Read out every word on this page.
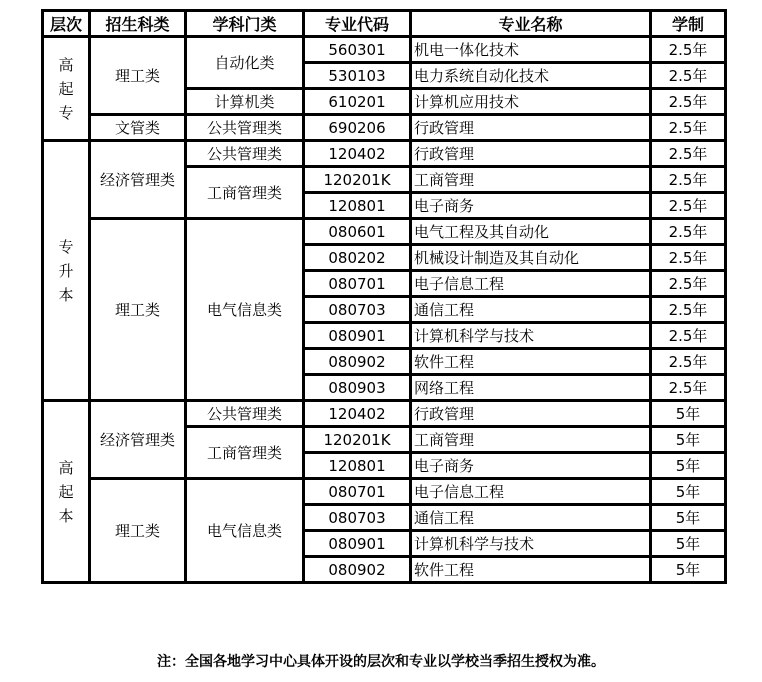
层次	招生科类	学科门类	专业代码	专业名称	学制
高起专	理工类	自动化类	560301	机电一体化技术	2.5年
			530103	电力系统自动化技术	2.5年
		计算机类	610201	计算机应用技术	2.5年
	文管类	公共管理类	690206	行政管理	2.5年
专升本	经济管理类	公共管理类	120402	行政管理	2.5年
		工商管理类	120201K	工商管理	2.5年
			120801	电子商务	2.5年
	理工类	电气信息类	080601	电气工程及其自动化	2.5年
			080202	机械设计制造及其自动化	2.5年
			080701	电子信息工程	2.5年
			080703	通信工程	2.5年
			080901	计算机科学与技术	2.5年
			080902	软件工程	2.5年
			080903	网络工程	2.5年
高起本	经济管理类	公共管理类	120402	行政管理	5年
		工商管理类	120201K	工商管理	5年
			120801	电子商务	5年
	理工类	电气信息类	080701	电子信息工程	5年
			080703	通信工程	5年
			080901	计算机科学与技术	5年
			080902	软件工程	5年
注：全国各地学习中心具体开设的层次和专业以学校当季招生授权为准。
